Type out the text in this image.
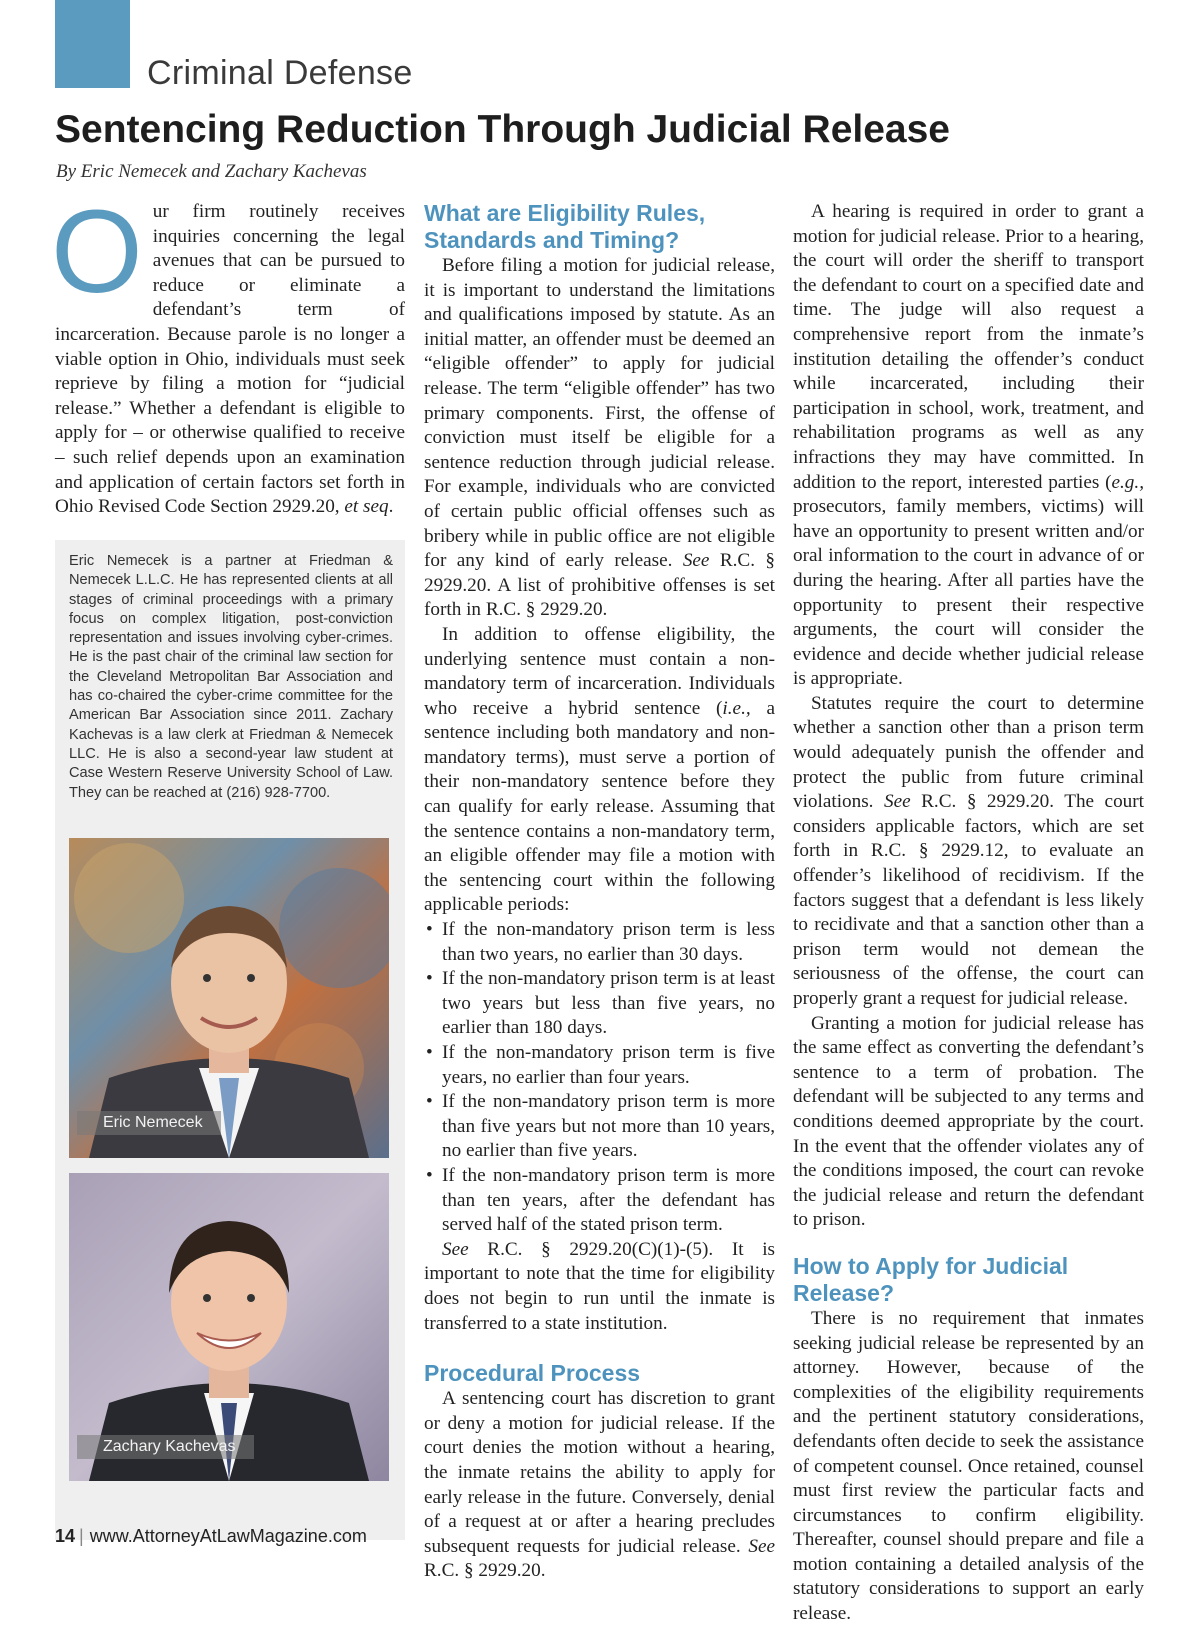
Criminal Defense
Sentencing Reduction Through Judicial Release
By Eric Nemecek and Zachary Kachevas

Our firm routinely receives inquiries concerning the legal avenues that can be pursued to reduce or eliminate a defendant’s term of incarceration. Because parole is no longer a viable option in Ohio, individuals must seek reprieve by filing a motion for “judicial release.” Whether a defendant is eligible to apply for – or otherwise qualified to receive – such relief depends upon an examination and application of certain factors set forth in Ohio Revised Code Section 2929.20, et seq.

Eric Nemecek is a partner at Friedman & Nemecek L.L.C. He has represented clients at all stages of criminal proceedings with a primary focus on complex litigation, post-conviction representation and issues involving cyber-crimes. He is the past chair of the criminal law section for the Cleveland Metropolitan Bar Association and has co-chaired the cyber-crime committee for the American Bar Association since 2011. Zachary Kachevas is a law clerk at Friedman & Nemecek LLC. He is also a second-year law student at Case Western Reserve University School of Law. They can be reached at (216) 928-7700.
Eric Nemecek
Zachary Kachevas
What are Eligibility Rules, Standards and Timing?

Before filing a motion for judicial release, it is important to understand the limitations and qualifications imposed by statute. As an initial matter, an offender must be deemed an “eligible offender” to apply for judicial release. The term “eligible offender” has two primary components. First, the offense of conviction must itself be eligible for a sentence reduction through judicial release. For example, individuals who are convicted of certain public official offenses such as bribery while in public office are not eligible for any kind of early release. See R.C. § 2929.20. A list of prohibitive offenses is set forth in R.C. § 2929.20.

In addition to offense eligibility, the underlying sentence must contain a non-mandatory term of incarceration. Individuals who receive a hybrid sentence (i.e., a sentence including both mandatory and non-mandatory terms), must serve a portion of their non-mandatory sentence before they can qualify for early release. Assuming that the sentence contains a non-mandatory term, an eligible offender may file a motion with the sentencing court within the following applicable periods:

• If the non-mandatory prison term is less than two years, no earlier than 30 days.
• If the non-mandatory prison term is at least two years but less than five years, no earlier than 180 days.
• If the non-mandatory prison term is five years, no earlier than four years.
• If the non-mandatory prison term is more than five years but not more than 10 years, no earlier than five years.
• If the non-mandatory prison term is more than ten years, after the defendant has served half of the stated prison term.

See R.C. § 2929.20(C)(1)-(5). It is important to note that the time for eligibility does not begin to run until the inmate is transferred to a state institution.

Procedural Process

A sentencing court has discretion to grant or deny a motion for judicial release. If the court denies the motion without a hearing, the inmate retains the ability to apply for early release in the future. Conversely, denial of a request at or after a hearing precludes subsequent requests for judicial release. See R.C. § 2929.20.

A hearing is required in order to grant a motion for judicial release. Prior to a hearing, the court will order the sheriff to transport the defendant to court on a specified date and time. The judge will also request a comprehensive report from the inmate’s institution detailing the offender’s conduct while incarcerated, including their participation in school, work, treatment, and rehabilitation programs as well as any infractions they may have committed. In addition to the report, interested parties (e.g., prosecutors, family members, victims) will have an opportunity to present written and/or oral information to the court in advance of or during the hearing. After all parties have the opportunity to present their respective arguments, the court will consider the evidence and decide whether judicial release is appropriate.

Statutes require the court to determine whether a sanction other than a prison term would adequately punish the offender and protect the public from future criminal violations. See R.C. § 2929.20. The court considers applicable factors, which are set forth in R.C. § 2929.12, to evaluate an offender’s likelihood of recidivism. If the factors suggest that a defendant is less likely to recidivate and that a sanction other than a prison term would not demean the seriousness of the offense, the court can properly grant a request for judicial release.

Granting a motion for judicial release has the same effect as converting the defendant’s sentence to a term of probation. The defendant will be subjected to any terms and conditions deemed appropriate by the court. In the event that the offender violates any of the conditions imposed, the court can revoke the judicial release and return the defendant to prison.

How to Apply for Judicial Release?

There is no requirement that inmates seeking judicial release be represented by an attorney. However, because of the complexities of the eligibility requirements and the pertinent statutory considerations, defendants often decide to seek the assistance of competent counsel. Once retained, counsel must first review the particular facts and circumstances to confirm eligibility. Thereafter, counsel should prepare and file a motion containing a detailed analysis of the statutory considerations to support an early release.

14 | www.AttorneyAtLawMagazine.com
